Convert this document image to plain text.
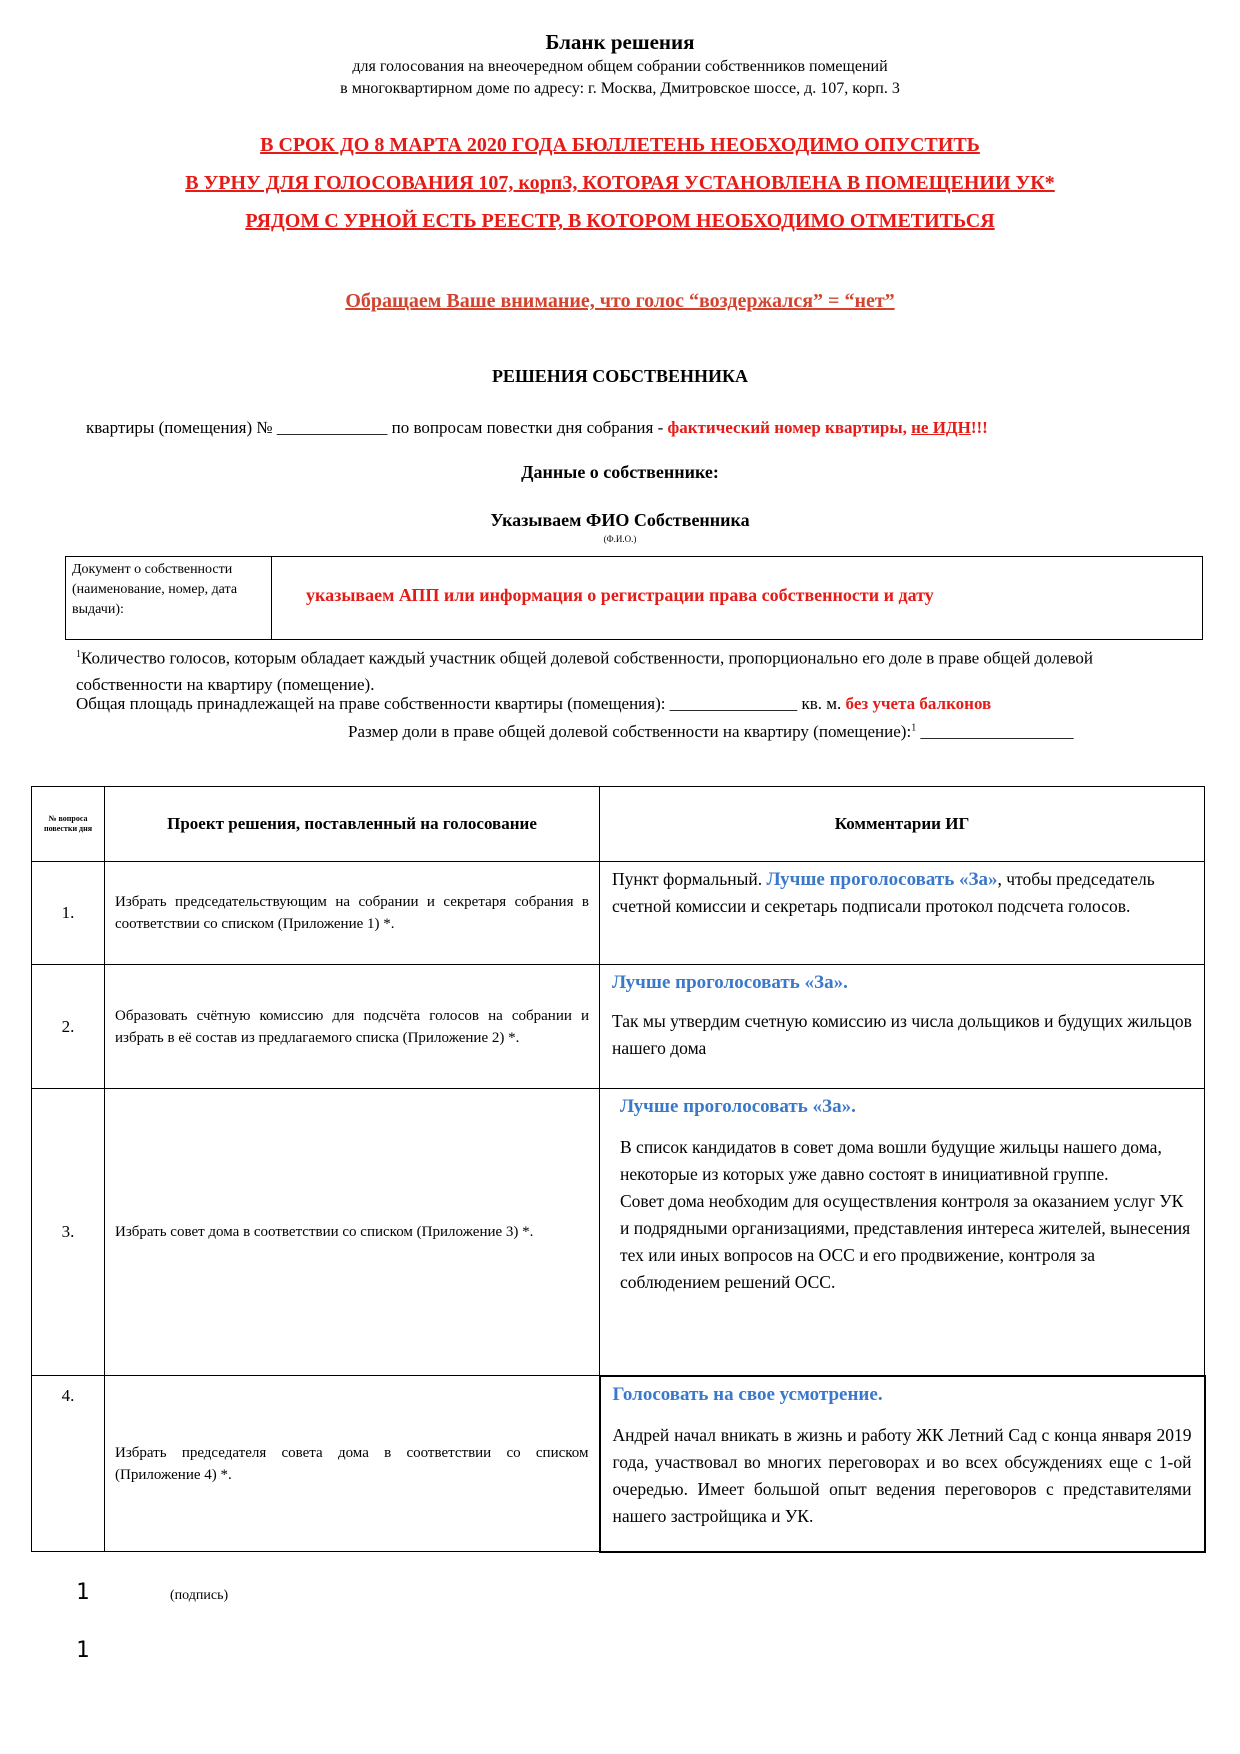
Бланк решения
для голосования на внеочередном общем собрании собственников помещений
в многоквартирном доме по адресу: г. Москва, Дмитровское шоссе, д. 107, корп. 3
В СРОК ДО 8 МАРТА 2020 ГОДА БЮЛЛЕТЕНЬ НЕОБХОДИМО ОПУСТИТЬ
В УРНУ ДЛЯ ГОЛОСОВАНИЯ 107, корп3, КОТОРАЯ УСТАНОВЛЕНА В ПОМЕЩЕНИИ УК*
РЯДОМ С УРНОЙ ЕСТЬ РЕЕСТР, В КОТОРОМ НЕОБХОДИМО ОТМЕТИТЬСЯ
Обращаем Ваше внимание, что голос “воздержался” = “нет”
РЕШЕНИЯ СОБСТВЕННИКА
квартиры (помещения) № _____________ по вопросам повестки дня собрания - фактический номер квартиры, не ИДН!!!
Данные о собственнике:
Указываем ФИО Собственника
(Ф.И.О.)
Документ о собственности (наименование, номер, дата выдачи):
указываем АПП или информация о регистрации права собственности и дату
$^1$Количество голосов, которым обладает каждый участник общей долевой собственности, пропорционально его доле в праве общей долевой собственности на квартиру (помещение).
Общая площадь принадлежащей на праве собственности квартиры (помещения): _______________ кв. м. без учета балконов
Размер доли в праве общей долевой собственности на квартиру (помещение):$^1$ __________________
№ вопроса повестки дня	Проект решения, поставленный на голосование	Комментарии ИГ
1.	Избрать председательствующим на собрании и секретаря собрания в соответствии со списком (Приложение 1) *.	Пункт формальный. Лучше проголосовать «За», чтобы председатель счетной комиссии и секретарь подписали протокол подсчета голосов.
2.	Образовать счётную комиссию для подсчёта голосов на собрании и избрать в её состав из предлагаемого списка (Приложение 2) *.	Лучше проголосовать «За».
Так мы утвердим счетную комиссию из числа дольщиков и будущих жильцов нашего дома

3.	Избрать совет дома в соответствии со списком (Приложение 3) *.	Лучше проголосовать «За».
В список кандидатов в совет дома вошли будущие жильцы нашего дома, некоторые из которых уже давно состоят в инициативной группе.
Совет дома необходим для осуществления контроля за оказанием услуг УК и подрядными организациями, представления интереса жителей, вынесения тех или иных вопросов на ОСС и его продвижение, контроля за соблюдением решений ОСС.

4.	Избрать председателя совета дома в соответствии со списком (Приложение 4) *.	Голосовать на свое усмотрение.
Андрей начал вникать в жизнь и работу ЖК Летний Сад с конца января 2019 года, участвовал во многих переговорах и во всех обсуждениях еще с 1-ой очередью. Имеет большой опыт ведения переговоров с представителями нашего застройщика и УК.
1	(подпись)
1
